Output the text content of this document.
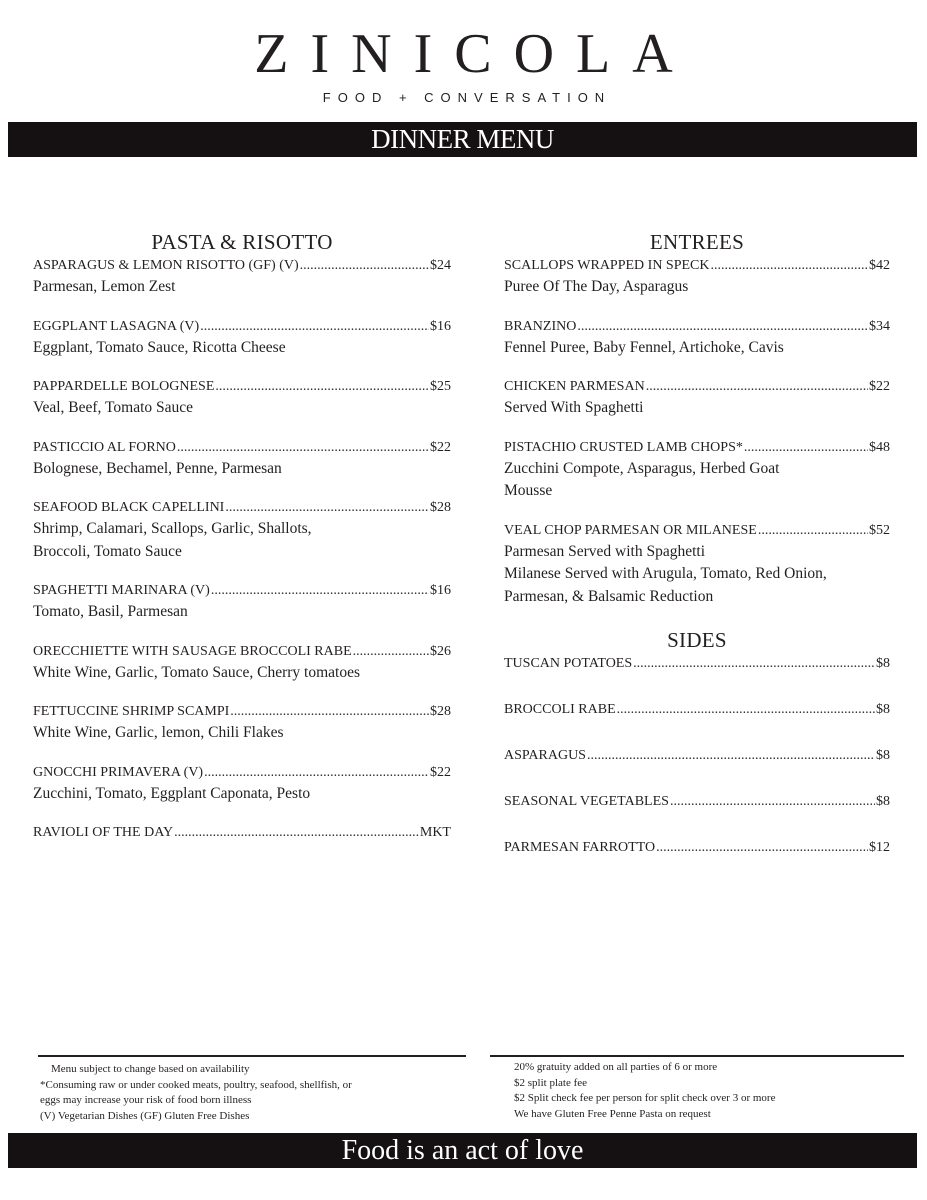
ZINICOLA
FOOD + CONVERSATION
DINNER MENU
PASTA & RISOTTO
ASPARAGUS & LEMON RISOTTO (GF) (V) .....	$24
Parmesan, Lemon Zest
EGGPLANT LASAGNA (V) .....	$16
Eggplant, Tomato Sauce, Ricotta Cheese
PAPPARDELLE BOLOGNESE .....	$25
Veal, Beef, Tomato Sauce
PASTICCIO AL FORNO .....	$22
Bolognese, Bechamel, Penne, Parmesan
SEAFOOD BLACK CAPELLINI .....	$28
Shrimp, Calamari, Scallops, Garlic, Shallots,
Broccoli, Tomato Sauce
SPAGHETTI MARINARA (V) .....	$16
Tomato, Basil, Parmesan
ORECCHIETTE WITH SAUSAGE BROCCOLI RABE .....	$26
White Wine, Garlic, Tomato Sauce, Cherry tomatoes
FETTUCCINE SHRIMP SCAMPI .....	$28
White Wine, Garlic, lemon, Chili Flakes
GNOCCHI PRIMAVERA (V) .....	$22
Zucchini, Tomato, Eggplant Caponata, Pesto
RAVIOLI OF THE DAY .....	MKT
ENTREES
SCALLOPS WRAPPED IN SPECK .....	$42
Puree Of The Day, Asparagus
BRANZINO .....	$34
Fennel Puree, Baby Fennel, Artichoke, Cavis
CHICKEN PARMESAN .....	$22
Served With Spaghetti
PISTACHIO CRUSTED LAMB CHOPS* .....	$48
Zucchini Compote, Asparagus, Herbed Goat
Mousse
VEAL CHOP PARMESAN OR MILANESE .....	$52
Parmesan Served with Spaghetti
Milanese Served with Arugula, Tomato, Red Onion,
Parmesan, & Balsamic Reduction
SIDES
TUSCAN POTATOES .....	$8
BROCCOLI RABE .....	$8
ASPARAGUS .....	$8
SEASONAL VEGETABLES .....	$8
PARMESAN FARROTTO .....	$12
Menu subject to change based on availability
*Consuming raw or under cooked meats, poultry, seafood, shellfish, or
eggs may increase your risk of food born illness
(V) Vegetarian Dishes (GF) Gluten Free Dishes
20% gratuity added on all parties of 6 or more
$2 split plate fee
$2 Split check fee per person for split check over 3 or more
We have Gluten Free Penne Pasta on request
Food is an act of love
